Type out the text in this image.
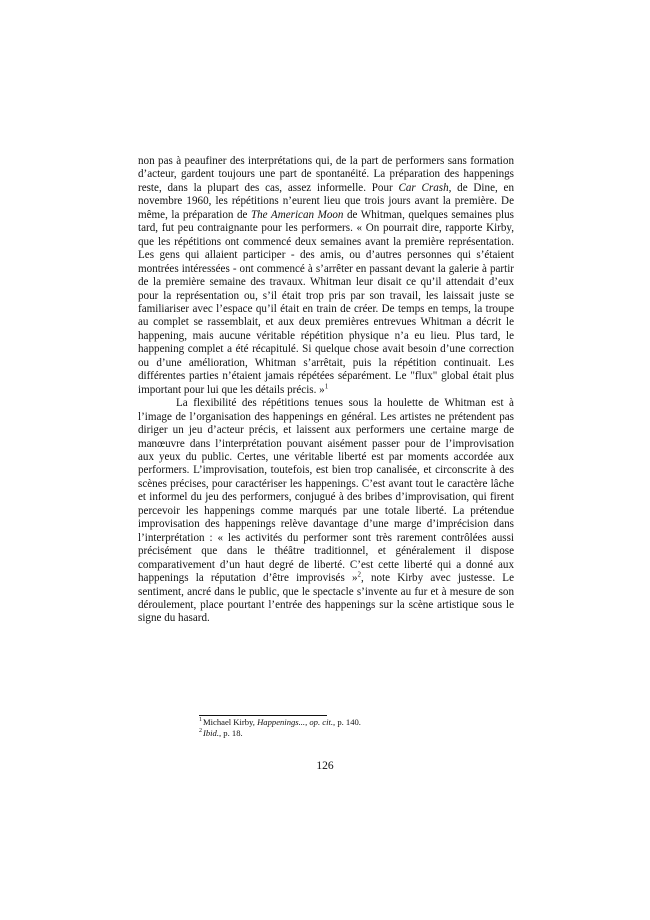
non pas à peaufiner des interprétations qui, de la part de performers sans formation d’acteur, gardent toujours une part de spontanéité. La préparation des happenings reste, dans la plupart des cas, assez informelle. Pour Car Crash, de Dine, en novembre 1960, les répétitions n’eurent lieu que trois jours avant la première. De même, la préparation de The American Moon de Whitman, quelques semaines plus tard, fut peu contraignante pour les performers. « On pourrait dire, rapporte Kirby, que les répétitions ont commencé deux semaines avant la première représentation. Les gens qui allaient participer - des amis, ou d’autres personnes qui s’étaient montrées intéressées - ont commencé à s’arrêter en passant devant la galerie à partir de la première semaine des travaux. Whitman leur disait ce qu’il attendait d’eux pour la représentation ou, s’il était trop pris par son travail, les laissait juste se familiariser avec l’espace qu’il était en train de créer. De temps en temps, la troupe au complet se rassemblait, et aux deux premières entrevues Whitman a décrit le happening, mais aucune véritable répétition physique n’a eu lieu. Plus tard, le happening complet a été récapitulé. Si quelque chose avait besoin d’une correction ou d’une amélioration, Whitman s’arrêtait, puis la répétition continuait. Les différentes parties n’étaient jamais répétées séparément. Le "flux" global était plus important pour lui que les détails précis. »$^1$

La flexibilité des répétitions tenues sous la houlette de Whitman est à l’image de l’organisation des happenings en général. Les artistes ne prétendent pas diriger un jeu d’acteur précis, et laissent aux performers une certaine marge de manœuvre dans l’interprétation pouvant aisément passer pour de l’improvisation aux yeux du public. Certes, une véritable liberté est par moments accordée aux performers. L’improvisation, toutefois, est bien trop canalisée, et circonscrite à des scènes précises, pour caractériser les happenings. C’est avant tout le caractère lâche et informel du jeu des performers, conjugué à des bribes d’improvisation, qui firent percevoir les happenings comme marqués par une totale liberté. La prétendue improvisation des happenings relève davantage d’une marge d’imprécision dans l’interprétation : « les activités du performer sont très rarement contrôlées aussi précisément que dans le théâtre traditionnel, et généralement il dispose comparativement d’un haut degré de liberté. C’est cette liberté qui a donné aux happenings la réputation d’être improvisés »$^2$, note Kirby avec justesse. Le sentiment, ancré dans le public, que le spectacle s’invente au fur et à mesure de son déroulement, place pourtant l’entrée des happenings sur la scène artistique sous le signe du hasard.

$^1$Michael Kirby, Happenings..., op. cit., p. 140.
$^2$Ibid., p. 18.
126
